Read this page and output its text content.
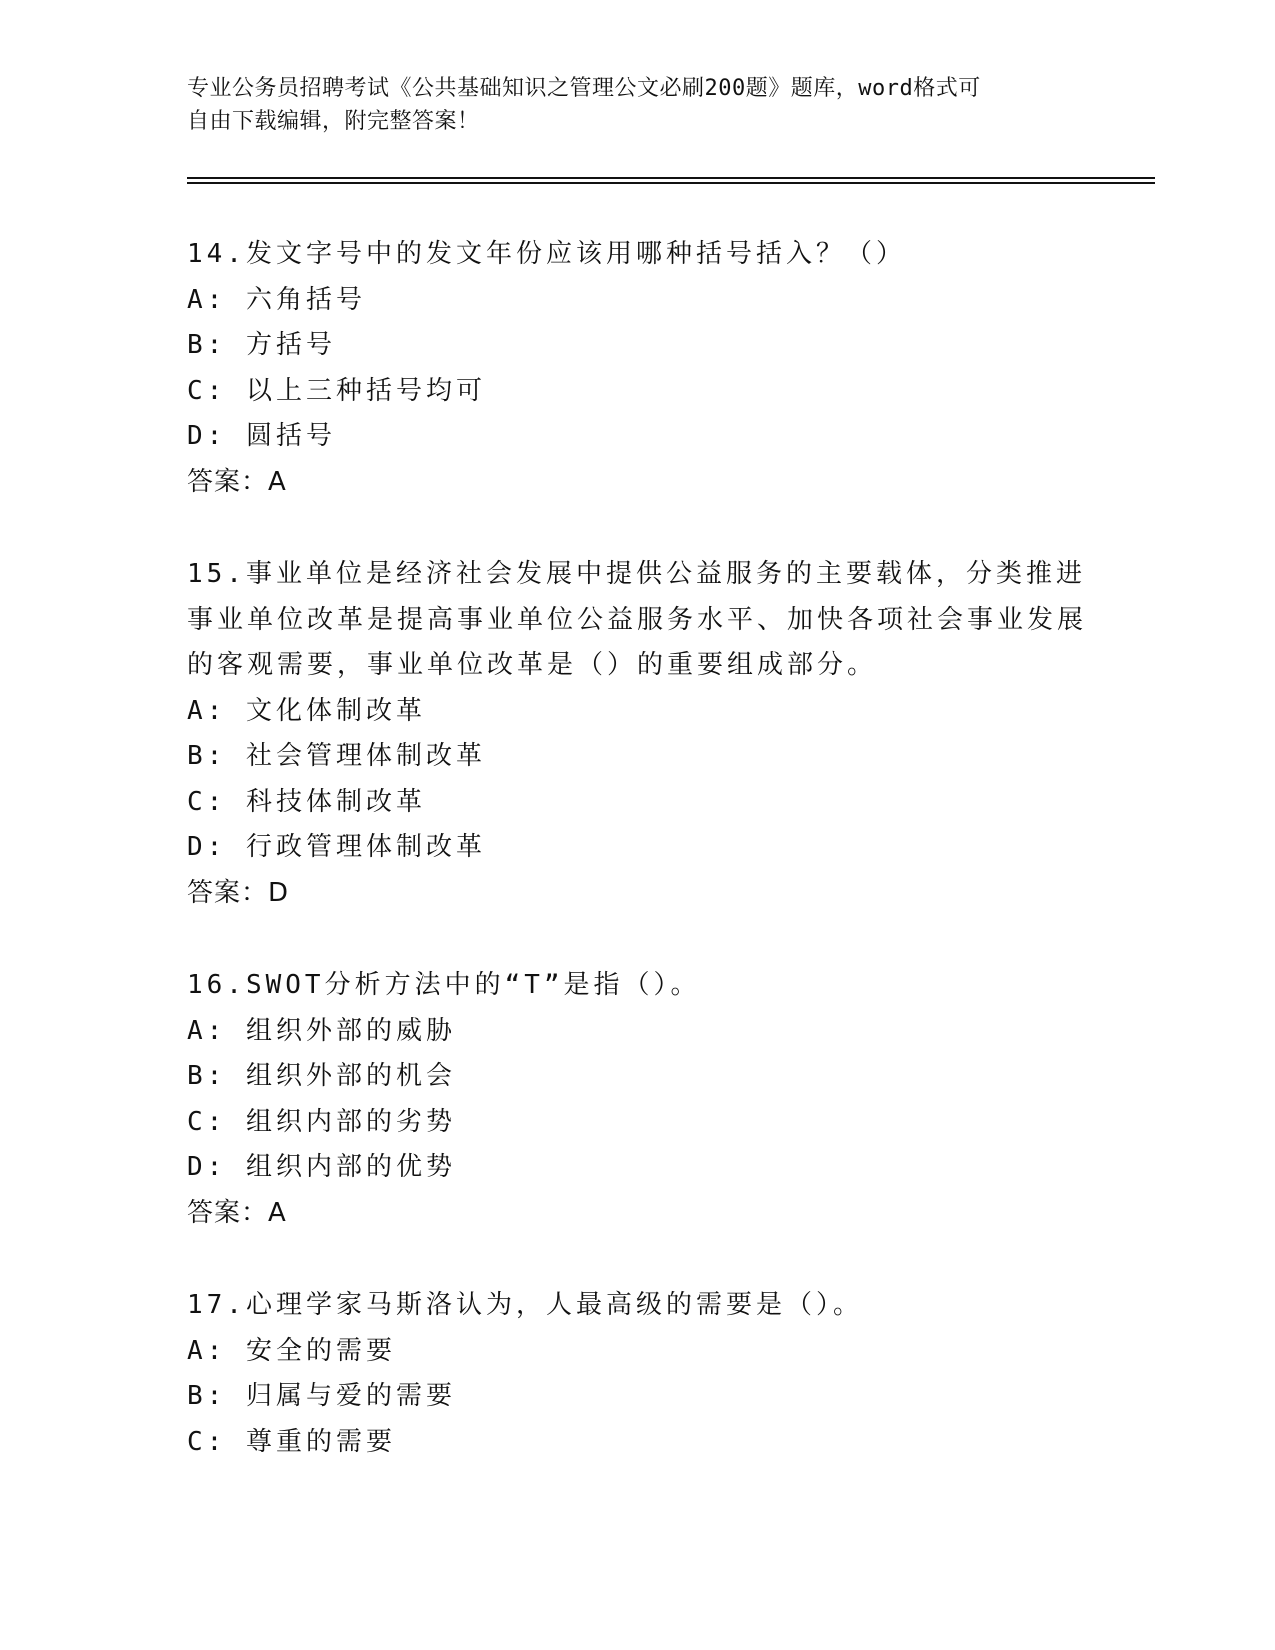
专业公务员招聘考试《公共基础知识之管理公文必刷200题》题库，word格式可
自由下载编辑，附完整答案！

14.发文字号中的发文年份应该用哪种括号括入？（）

A: 六角括号

B: 方括号

C: 以上三种括号均可

D: 圆括号

答案：A

15.事业单位是经济社会发展中提供公益服务的主要载体，分类推进事业单位改革是提高事业单位公益服务水平、加快各项社会事业发展的客观需要，事业单位改革是（）的重要组成部分。

A: 文化体制改革

B: 社会管理体制改革

C: 科技体制改革

D: 行政管理体制改革

答案：D

16.SWOT分析方法中的“T”是指（）。

A: 组织外部的威胁

B: 组织外部的机会

C: 组织内部的劣势

D: 组织内部的优势

答案：A

17.心理学家马斯洛认为，人最高级的需要是（）。

A: 安全的需要

B: 归属与爱的需要

C: 尊重的需要
